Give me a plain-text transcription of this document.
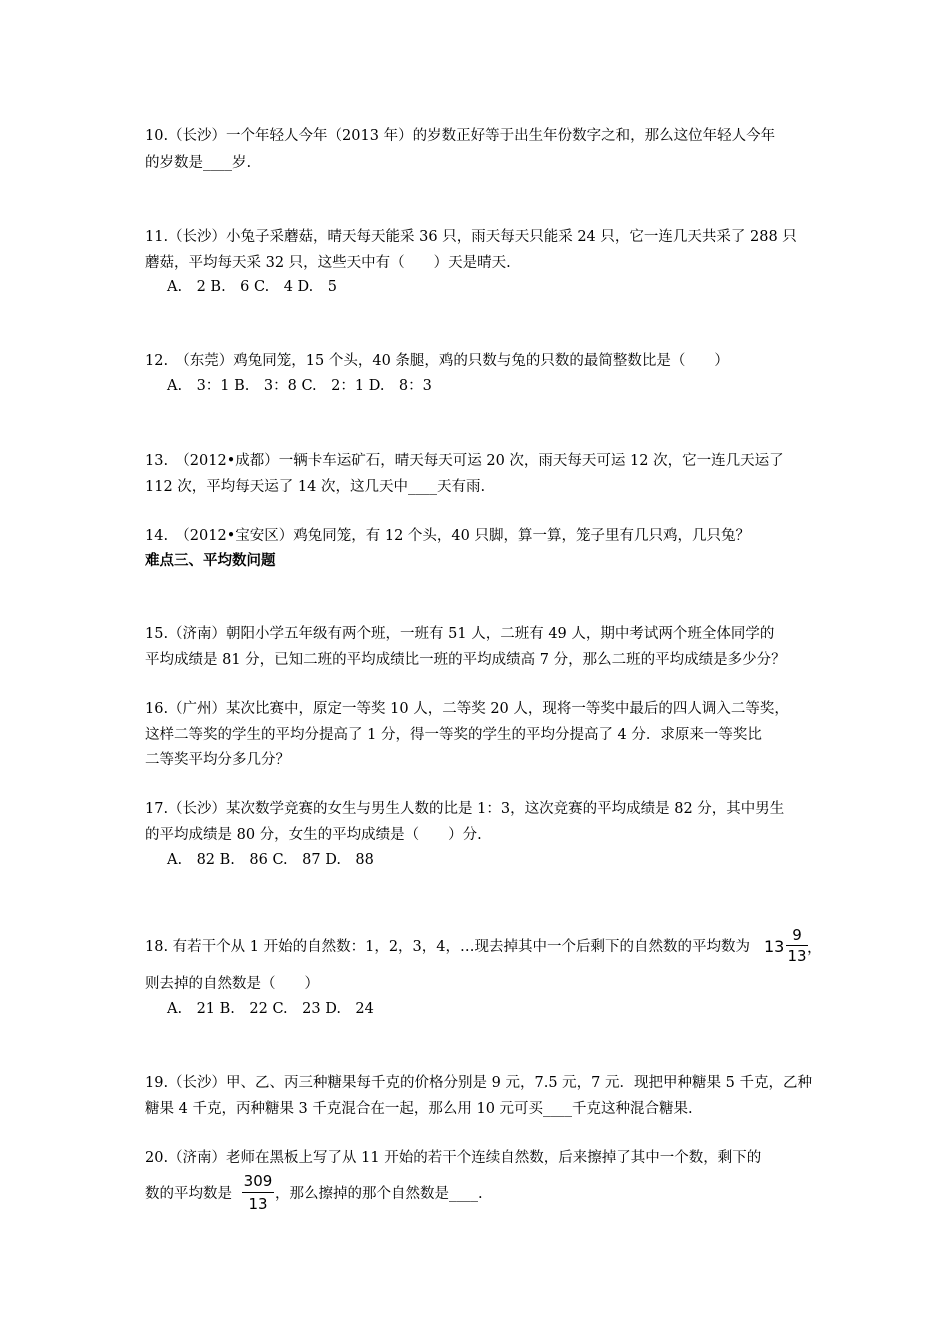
10.（长沙）一个年轻人今年（2013 年）的岁数正好等于出生年份数字之和，那么这位年轻人今年
的岁数是____岁.
11.（长沙）小兔子采蘑菇，晴天每天能采 36 只，雨天每天只能采 24 只，它一连几天共采了 288 只
蘑菇，平均每天采 32 只，这些天中有（　　）天是晴天.
A.　2 B.　6 C.　4 D.　5
12.　（东莞）鸡兔同笼，15 个头，40 条腿，鸡的只数与兔的只数的最简整数比是（　　）
A.　3：1 B.　3：8 C.　2：1 D.　8：3
13.　（2012•成都）一辆卡车运矿石，晴天每天可运 20 次，雨天每天可运 12 次，它一连几天运了
112 次，平均每天运了 14 次，这几天中____天有雨.
14.　（2012•宝安区）鸡兔同笼，有 12 个头，40 只脚，算一算，笼子里有几只鸡，几只兔？
难点三、平均数问题
15.（济南）朝阳小学五年级有两个班，一班有 51 人，二班有 49 人，期中考试两个班全体同学的
平均成绩是 81 分，已知二班的平均成绩比一班的平均成绩高 7 分，那么二班的平均成绩是多少分？
16.（广州）某次比赛中，原定一等奖 10 人，二等奖 20 人，现将一等奖中最后的四人调入二等奖，
这样二等奖的学生的平均分提高了 1 分，得一等奖的学生的平均分提高了 4 分．求原来一等奖比
二等奖平均分多几分？
17.（长沙）某次数学竞赛的女生与男生人数的比是 1：3，这次竞赛的平均成绩是 82 分，其中男生
的平均成绩是 80 分，女生的平均成绩是（　　）分.
A.　82 B.　86 C.　87 D.　88
18. 有若干个从 1 开始的自然数：1，2，3，4，…现去掉其中一个后剩下的自然数的平均数为 13
9
13 ，
则去掉的自然数是（　　）
A.　21 B.　22 C.　23 D.　24
19.（长沙）甲、乙、丙三种糖果每千克的价格分别是 9 元，7.5 元，7 元．现把甲种糖果 5 千克，乙种
糖果 4 千克，丙种糖果 3 千克混合在一起，那么用 10 元可买____千克这种混合糖果.
20.（济南）老师在黑板上写了从 11 开始的若干个连续自然数，后来擦掉了其中一个数，剩下的
数的平均数是
309
13
，那么擦掉的那个自然数是____.
